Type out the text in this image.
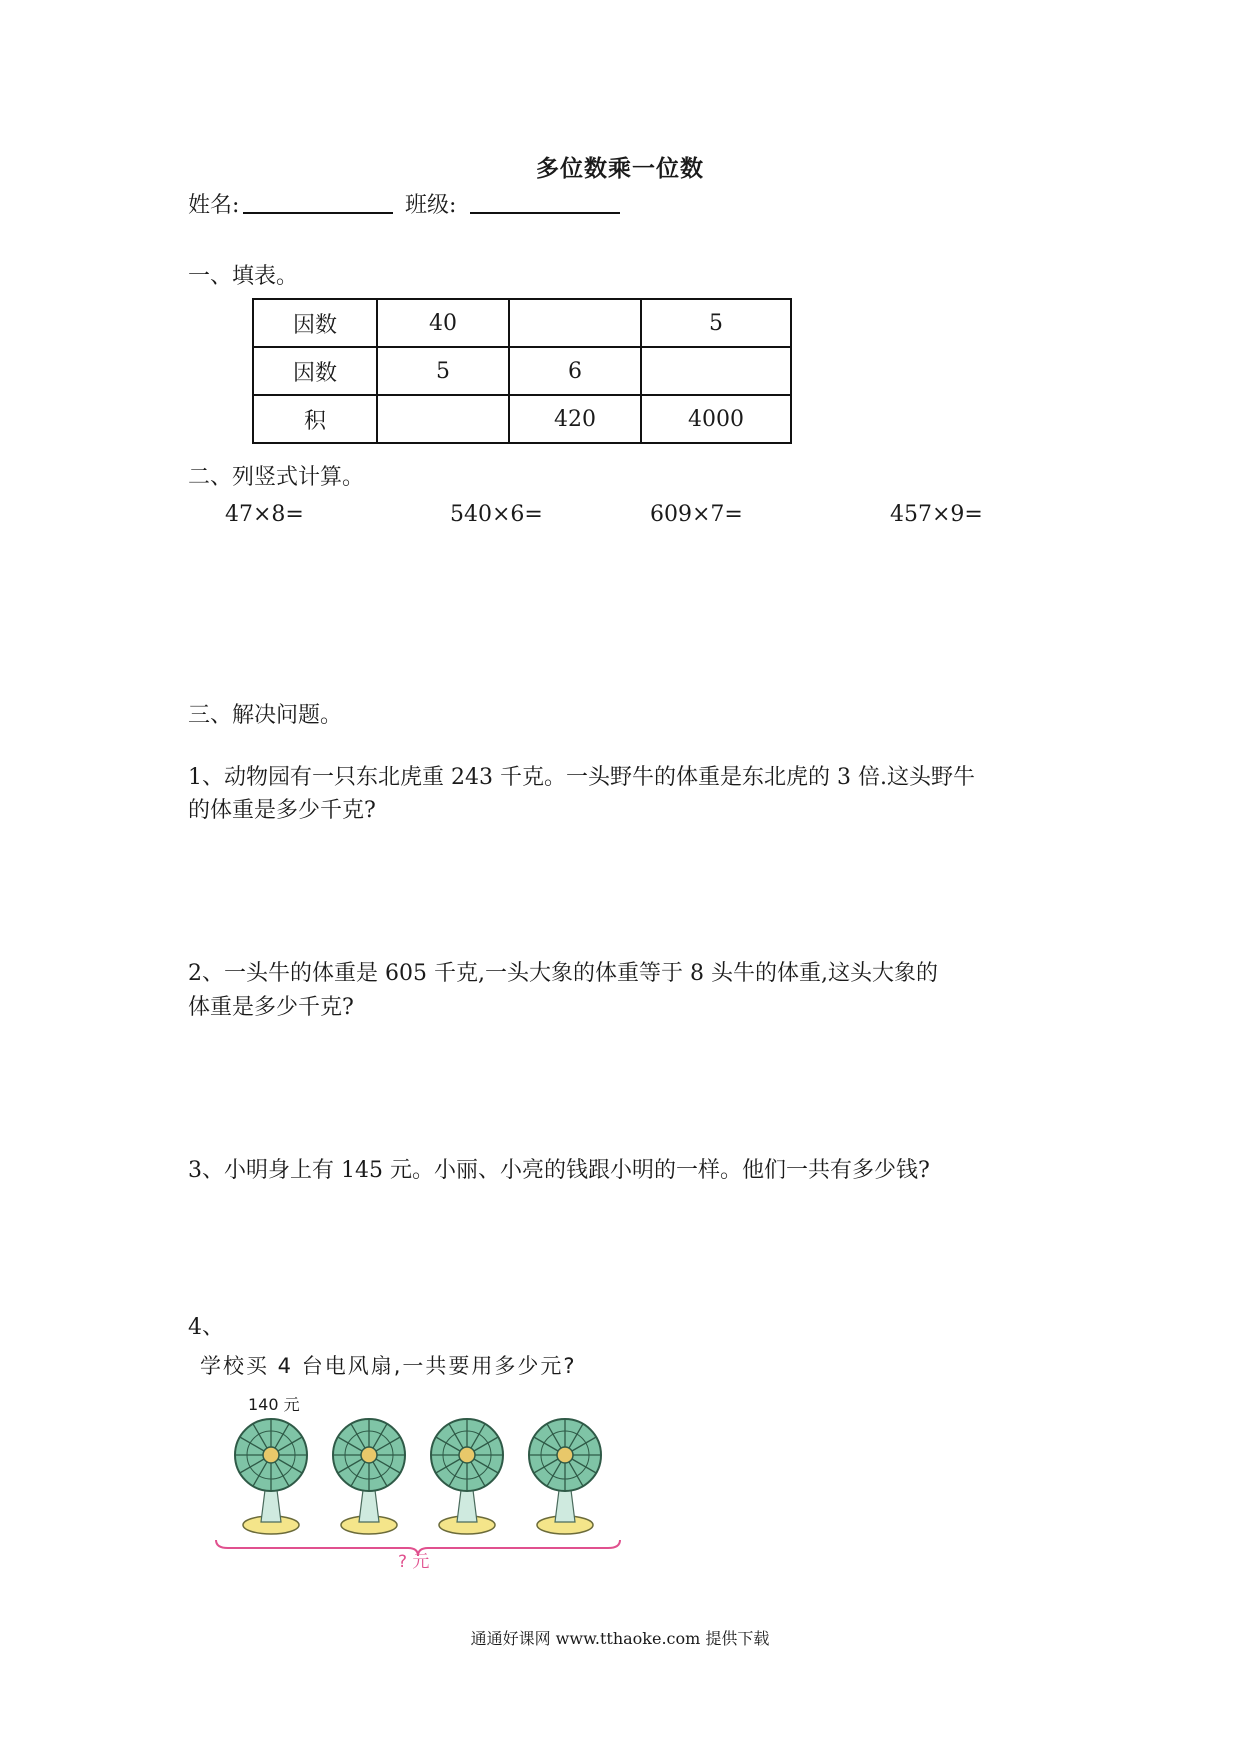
多位数乘一位数
姓名:	班级:
一、填表。
因数	40		5
因数	5	6	
积		420	4000
二、列竖式计算。
47×8=	540×6=	609×7=	457×9=
三、解决问题。
1、动物园有一只东北虎重 243 千克。一头野牛的体重是东北虎的 3 倍.这头野牛
的体重是多少千克?
2、一头牛的体重是 605 千克,一头大象的体重等于 8 头牛的体重,这头大象的
体重是多少千克?
3、小明身上有 145 元。小丽、小亮的钱跟小明的一样。他们一共有多少钱?
4、
学校买 4 台电风扇,一共要用多少元?
140 元
? 元
通通好课网 www.tthaoke.com 提供下载
